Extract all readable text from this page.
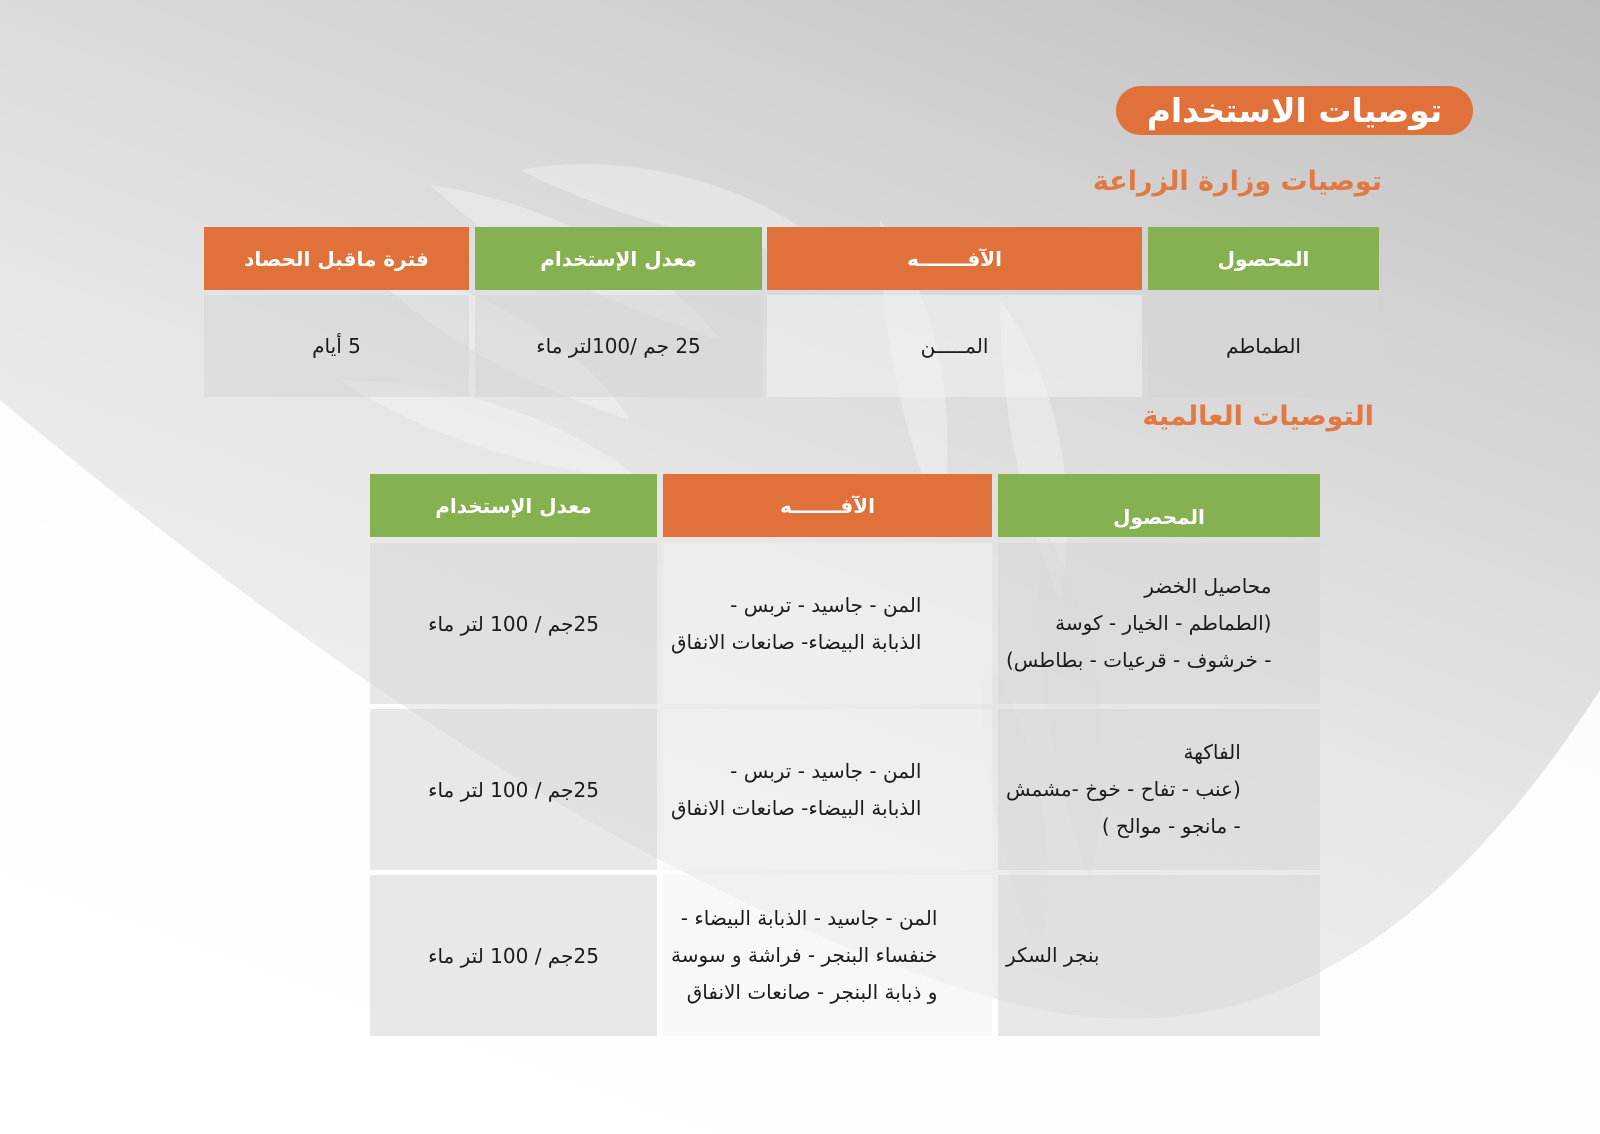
توصيات الاستخدام
توصيات وزارة الزراعة
المحصول
الآفـــــــه
معدل الإستخدام
فترة ماقبل الحصاد
الطماطم
المـــــن
25 جم /100لتر ماء
5 أيام
التوصيات العالمية
المحصول
الآفـــــــه
معدل الإستخدام
محاصيل الخضر
(الطماطم - الخيار - كوسة
- خرشوف - قرعيات - بطاطس)
المن - جاسيد - تربس -
الذبابة البيضاء- صانعات الانفاق
25جم / 100 لتر ماء
الفاكهة
(عنب - تفاح - خوخ -مشمش
- مانجو - موالح )
المن - جاسيد - تربس -
الذبابة البيضاء- صانعات الانفاق
25جم / 100 لتر ماء
بنجر السكر
المن - جاسيد - الذبابة البيضاء -
خنفساء البنجر - فراشة و سوسة
و ذبابة البنجر - صانعات الانفاق
25جم / 100 لتر ماء
